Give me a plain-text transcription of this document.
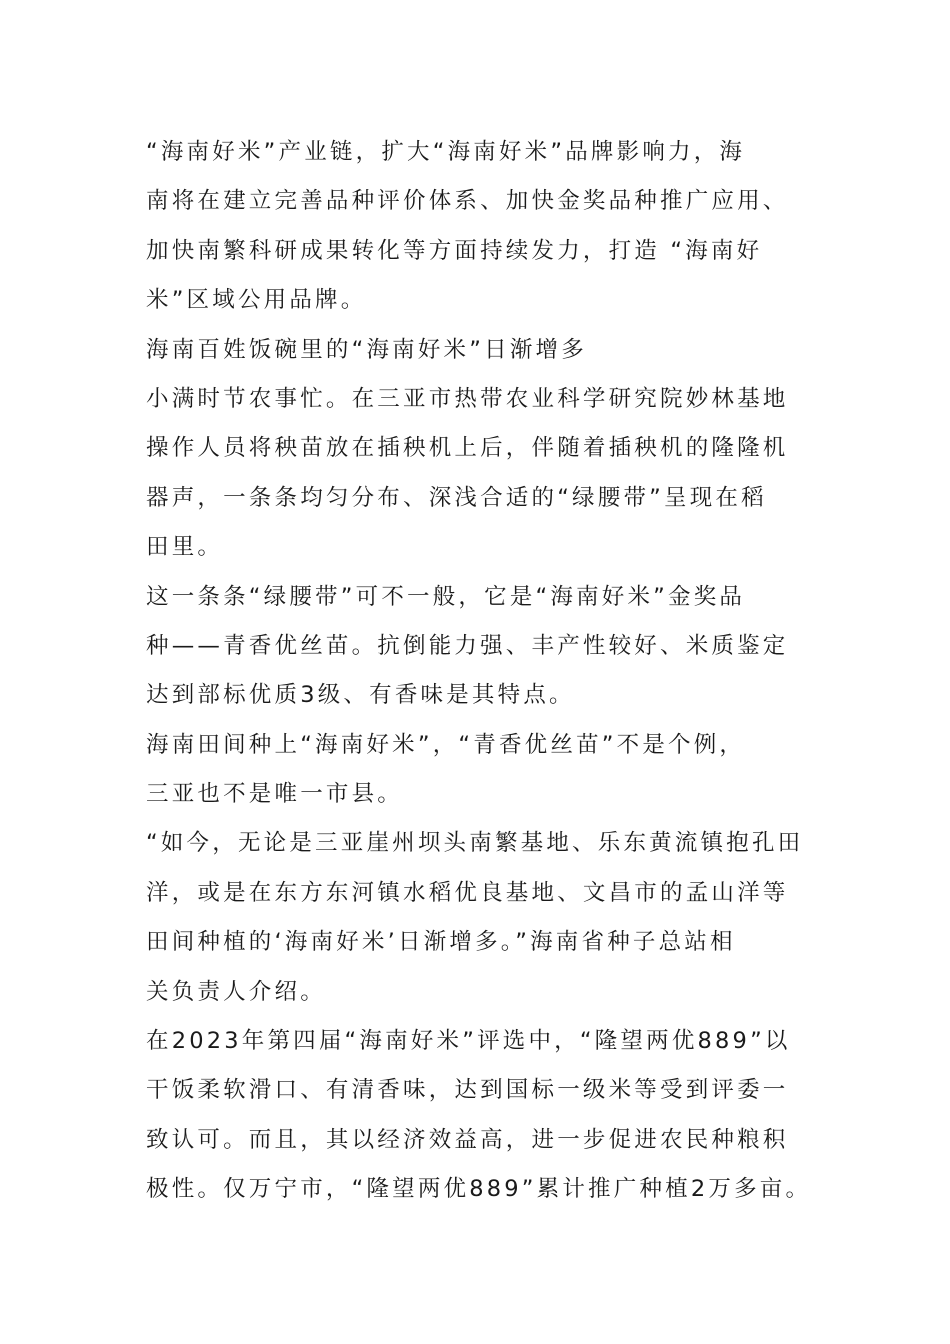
“海南好米”产业链，扩大“海南好米”品牌影响力，海
南将在建立完善品种评价体系、加快金奖品种推广应用、
加快南繁科研成果转化等方面持续发力，打造 “海南好
米”区域公用品牌。
海南百姓饭碗里的“海南好米”日渐增多
小满时节农事忙。在三亚市热带农业科学研究院妙林基地
操作人员将秧苗放在插秧机上后，伴随着插秧机的隆隆机
器声，一条条均匀分布、深浅合适的“绿腰带”呈现在稻
田里。
这一条条“绿腰带”可不一般，它是“海南好米”金奖品
种——青香优丝苗。抗倒能力强、丰产性较好、米质鉴定
达到部标优质3级、有香味是其特点。
海南田间种上“海南好米”，“青香优丝苗”不是个例，
三亚也不是唯一市县。
“如今，无论是三亚崖州坝头南繁基地、乐东黄流镇抱孔田
洋，或是在东方东河镇水稻优良基地、文昌市的孟山洋等
田间种植的‘海南好米’日渐增多。”海南省种子总站相
关负责人介绍。
在2023年第四届“海南好米”评选中，“隆望两优889”以
干饭柔软滑口、有清香味，达到国标一级米等受到评委一
致认可。而且，其以经济效益高，进一步促进农民种粮积
极性。仅万宁市，“隆望两优889”累计推广种植2万多亩。
